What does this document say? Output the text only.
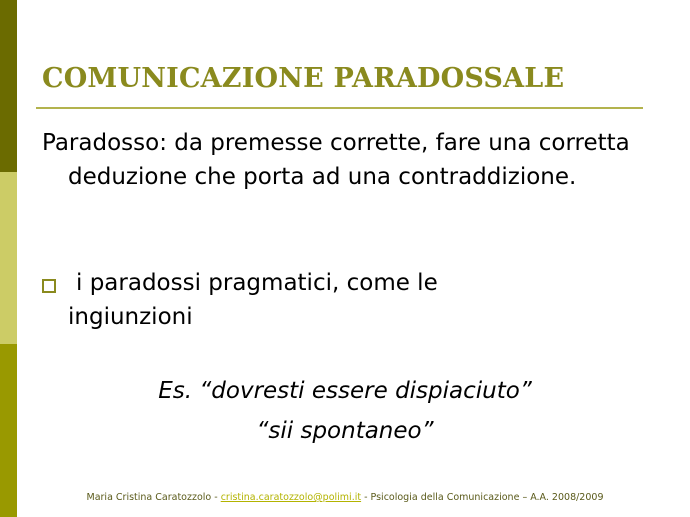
COMUNICAZIONE PARADOSSALE
Paradosso: da premesse corrette, fare una corretta deduzione che porta ad una contraddizione.
i paradossi pragmatici, come le
ingiunzioni
Es. “dovresti essere dispiaciuto”
“sii spontaneo”
Maria Cristina Caratozzolo - cristina.caratozzolo@polimi.it - Psicologia della Comunicazione – A.A. 2008/2009
